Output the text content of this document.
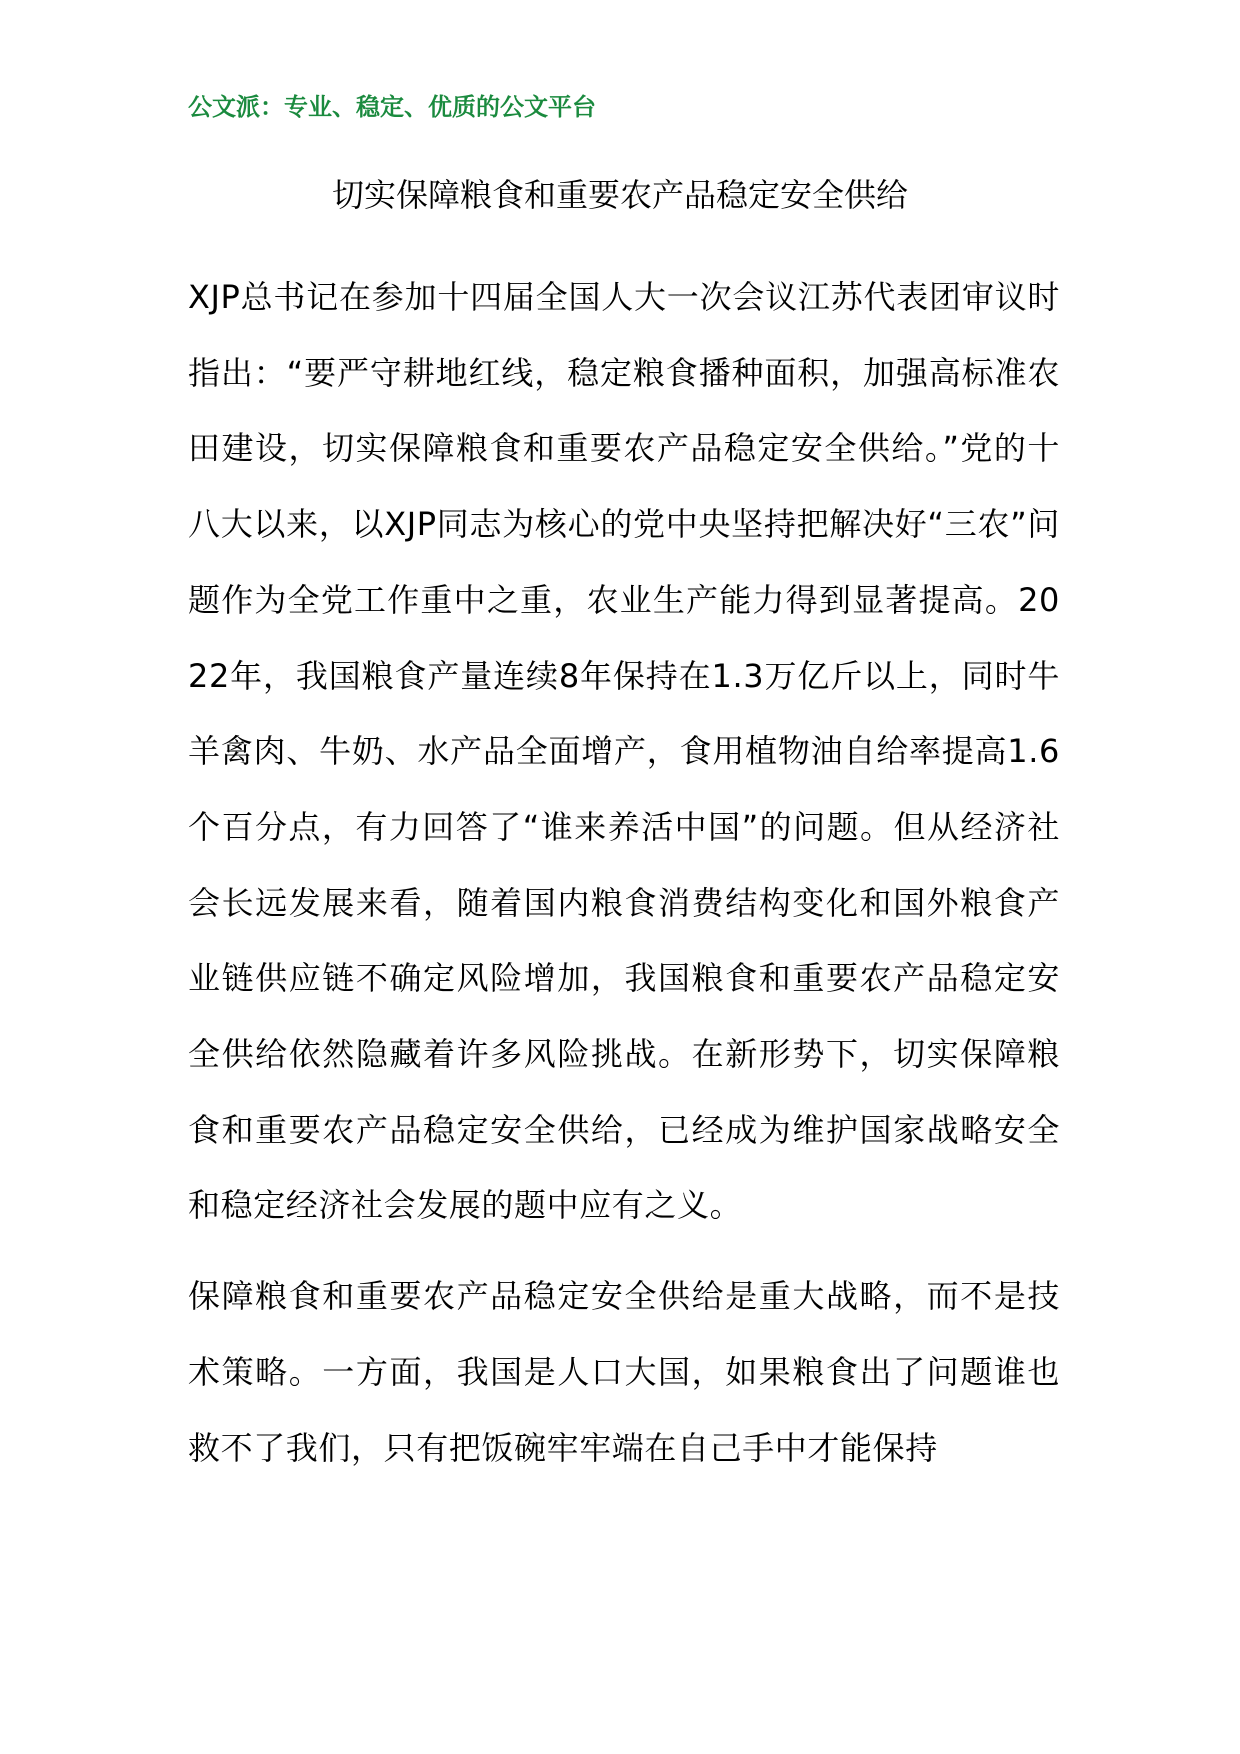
公文派：专业、稳定、优质的公文平台
切实保障粮食和重要农产品稳定安全供给

XJP总书记在参加十四届全国人大一次会议江苏代表团审议时指出：“要严守耕地红线，稳定粮食播种面积，加强高标准农田建设，切实保障粮食和重要农产品稳定安全供给。”党的十八大以来，以XJP同志为核心的党中央坚持把解决好“三农”问题作为全党工作重中之重，农业生产能力得到显著提高。2022年，我国粮食产量连续8年保持在1.3万亿斤以上，同时牛羊禽肉、牛奶、水产品全面增产，食用植物油自给率提高1.6个百分点，有力回答了“谁来养活中国”的问题。但从经济社会长远发展来看，随着国内粮食消费结构变化和国外粮食产业链供应链不确定风险增加，我国粮食和重要农产品稳定安全供给依然隐藏着许多风险挑战。在新形势下，切实保障粮食和重要农产品稳定安全供给，已经成为维护国家战略安全和稳定经济社会发展的题中应有之义。

保障粮食和重要农产品稳定安全供给是重大战略，而不是技术策略。一方面，我国是人口大国，如果粮食出了问题谁也救不了我们，只有把饭碗牢牢端在自己手中才能保持
